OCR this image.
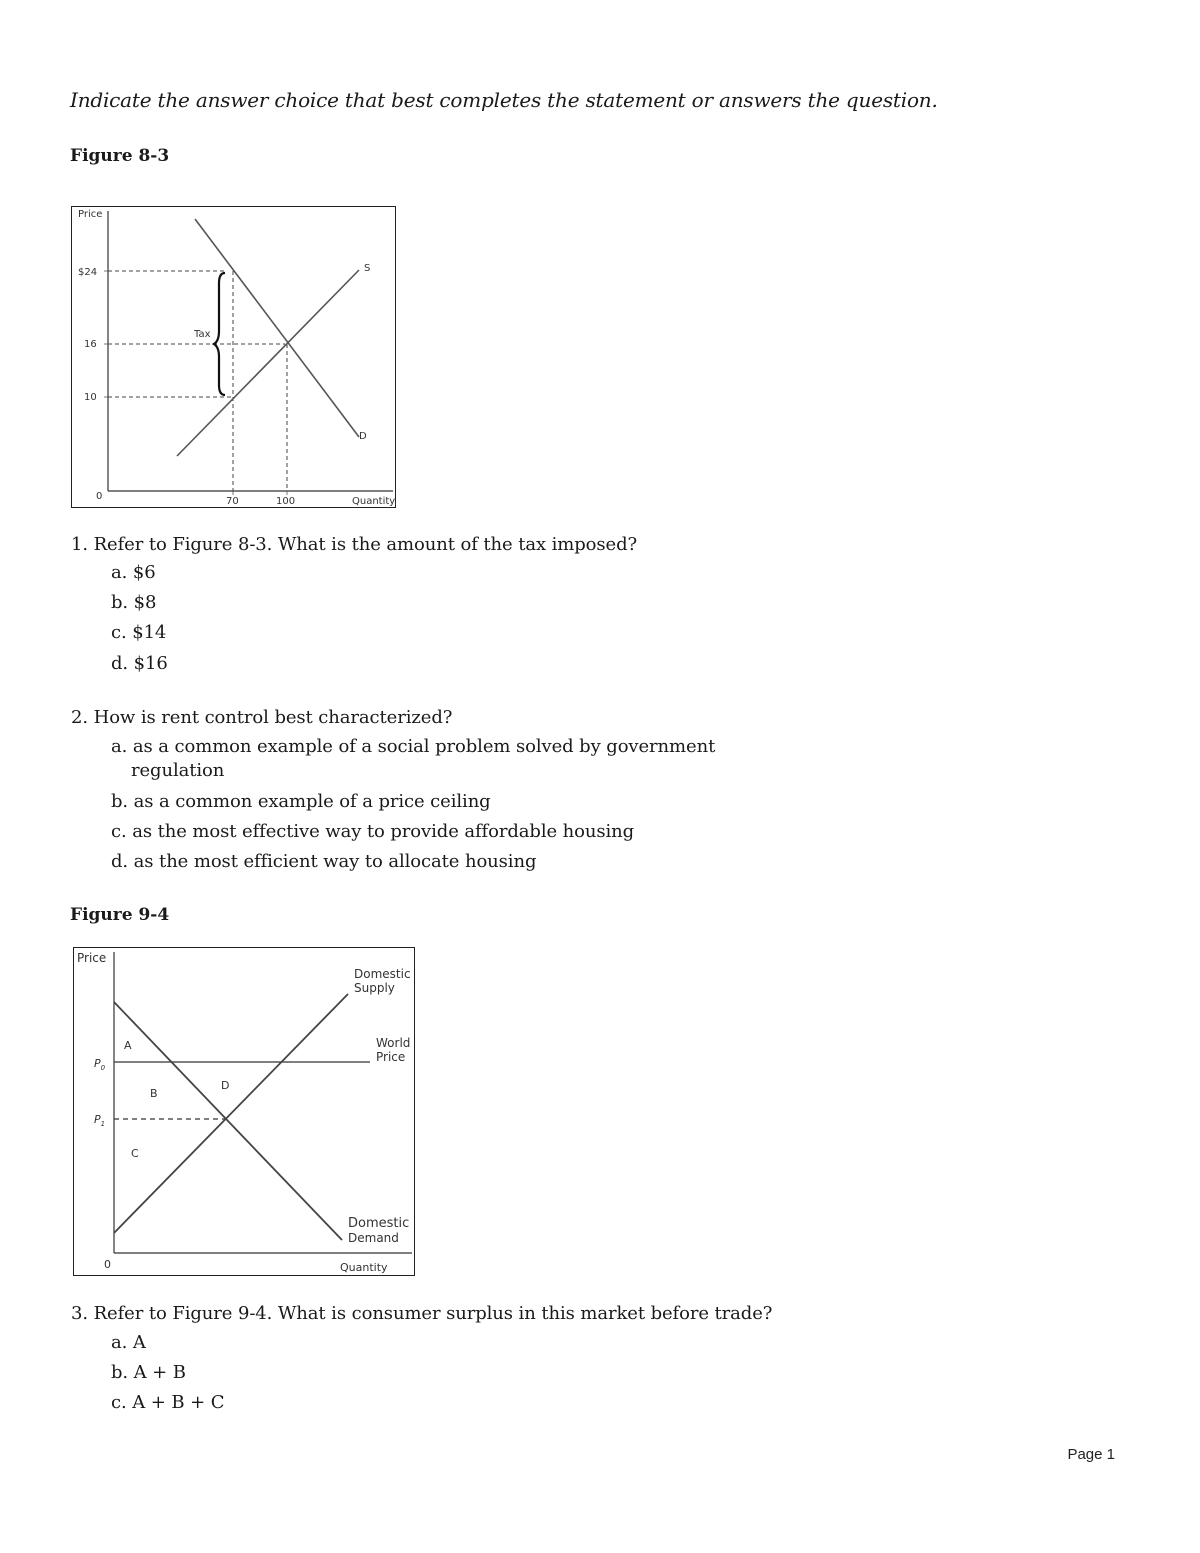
Indicate the answer choice that best completes the statement or answers the question.
Figure 8-3
Price
$24
16
10
0	70	100	Quantity
S
D
Tax
1. Refer to Figure 8-3. What is the amount of the tax imposed?
a. $6
b. $8
c. $14
d. $16
2. How is rent control best characterized?
a. as a common example of a social problem solved by government
regulation
b. as a common example of a price ceiling
c. as the most effective way to provide affordable housing
d. as the most efficient way to allocate housing
Figure 9-4
Price
$P_0$
$P_1$
0	Quantity
Domestic
Supply
World
Price
Domestic
Demand
A
B
C
D
3. Refer to Figure 9-4. What is consumer surplus in this market before trade?
a. A
b. A + B
c. A + B + C
Page 1
